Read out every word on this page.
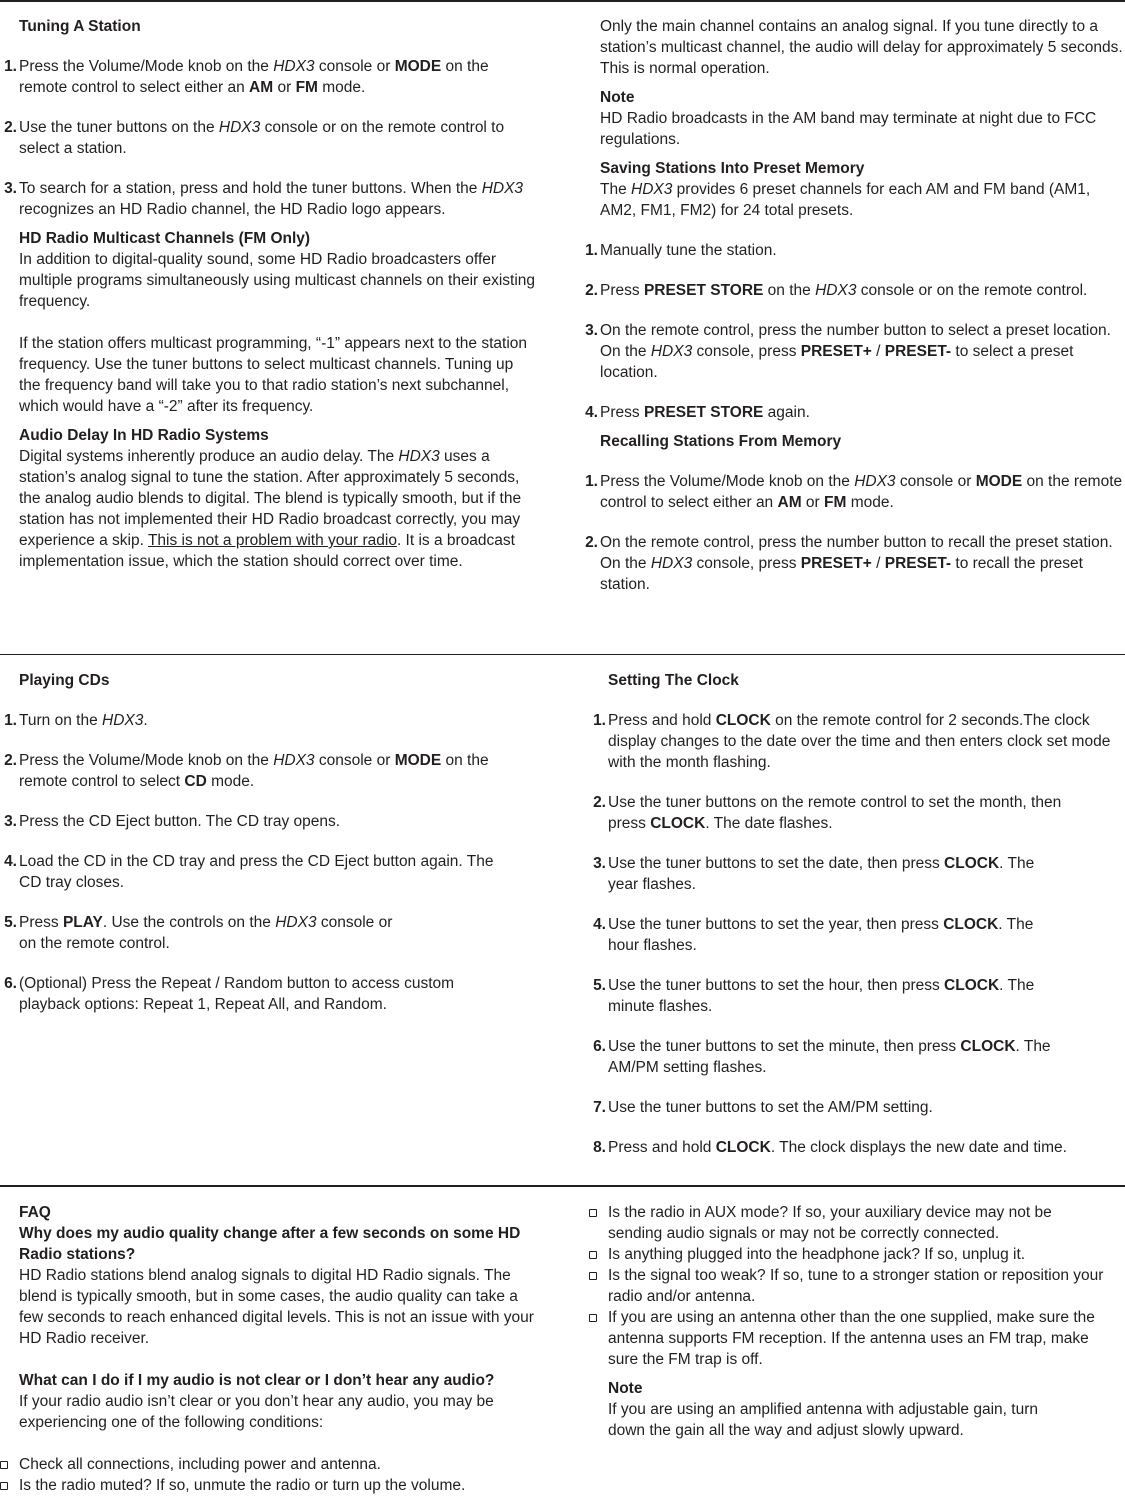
Tuning A Station
1. Press the Volume/Mode knob on the HDX3 console or MODE on the remote control to select either an AM or FM mode.
2. Use the tuner buttons on the HDX3 console or on the remote control to select a station.
3. To search for a station, press and hold the tuner buttons. When the HDX3 recognizes an HD Radio channel, the HD Radio logo appears.
HD Radio Multicast Channels (FM Only)
In addition to digital-quality sound, some HD Radio broadcasters offer multiple programs simultaneously using multicast channels on their existing frequency.
If the station offers multicast programming, “-1” appears next to the station frequency. Use the tuner buttons to select multicast channels. Tuning up the frequency band will take you to that radio station’s next subchannel, which would have a “-2” after its frequency.
Audio Delay In HD Radio Systems
Digital systems inherently produce an audio delay. The HDX3 uses a station’s analog signal to tune the station. After approximately 5 seconds, the analog audio blends to digital. The blend is typically smooth, but if the station has not implemented their HD Radio broadcast correctly, you may experience a skip. This is not a problem with your radio. It is a broadcast implementation issue, which the station should correct over time.
Only the main channel contains an analog signal. If you tune directly to a station’s multicast channel, the audio will delay for approximately 5 seconds. This is normal operation.
Note
HD Radio broadcasts in the AM band may terminate at night due to FCC regulations.
Saving Stations Into Preset Memory
The HDX3 provides 6 preset channels for each AM and FM band (AM1, AM2, FM1, FM2) for 24 total presets.
1. Manually tune the station.
2. Press PRESET STORE on the HDX3 console or on the remote control.
3. On the remote control, press the number button to select a preset location. On the HDX3 console, press PRESET+ / PRESET- to select a preset location.
4. Press PRESET STORE again.
Recalling Stations From Memory
1. Press the Volume/Mode knob on the HDX3 console or MODE on the remote control to select either an AM or FM mode.
2. On the remote control, press the number button to recall the preset station. On the HDX3 console, press PRESET+ / PRESET- to recall the preset station.
Playing CDs
1. Turn on the HDX3.
2. Press the Volume/Mode knob on the HDX3 console or MODE on the remote control to select CD mode.
3. Press the CD Eject button. The CD tray opens.
4. Load the CD in the CD tray and press the CD Eject button again. The CD tray closes.
5. Press PLAY. Use the controls on the HDX3 console or on the remote control.
6. (Optional) Press the Repeat / Random button to access custom playback options: Repeat 1, Repeat All, and Random.
Setting The Clock
1. Press and hold CLOCK on the remote control for 2 seconds.The clock display changes to the date over the time and then enters clock set mode with the month flashing.
2. Use the tuner buttons on the remote control to set the month, then press CLOCK. The date flashes.
3. Use the tuner buttons to set the date, then press CLOCK. The year flashes.
4. Use the tuner buttons to set the year, then press CLOCK. The hour flashes.
5. Use the tuner buttons to set the hour, then press CLOCK. The minute flashes.
6. Use the tuner buttons to set the minute, then press CLOCK. The AM/PM setting flashes.
7. Use the tuner buttons to set the AM/PM setting.
8. Press and hold CLOCK. The clock displays the new date and time.
FAQ
Why does my audio quality change after a few seconds on some HD Radio stations?
HD Radio stations blend analog signals to digital HD Radio signals. The blend is typically smooth, but in some cases, the audio quality can take a few seconds to reach enhanced digital levels. This is not an issue with your HD Radio receiver.
What can I do if I my audio is not clear or I don’t hear any audio?
If your radio audio isn’t clear or you don’t hear any audio, you may be experiencing one of the following conditions:
Check all connections, including power and antenna.
Is the radio muted? If so, unmute the radio or turn up the volume.
Is the radio in AUX mode? If so, your auxiliary device may not be sending audio signals or may not be correctly connected.
Is anything plugged into the headphone jack? If so, unplug it.
Is the signal too weak? If so, tune to a stronger station or reposition your radio and/or antenna.
If you are using an antenna other than the one supplied, make sure the antenna supports FM reception. If the antenna uses an FM trap, make sure the FM trap is off.
Note
If you are using an amplified antenna with adjustable gain, turn down the gain all the way and adjust slowly upward.
